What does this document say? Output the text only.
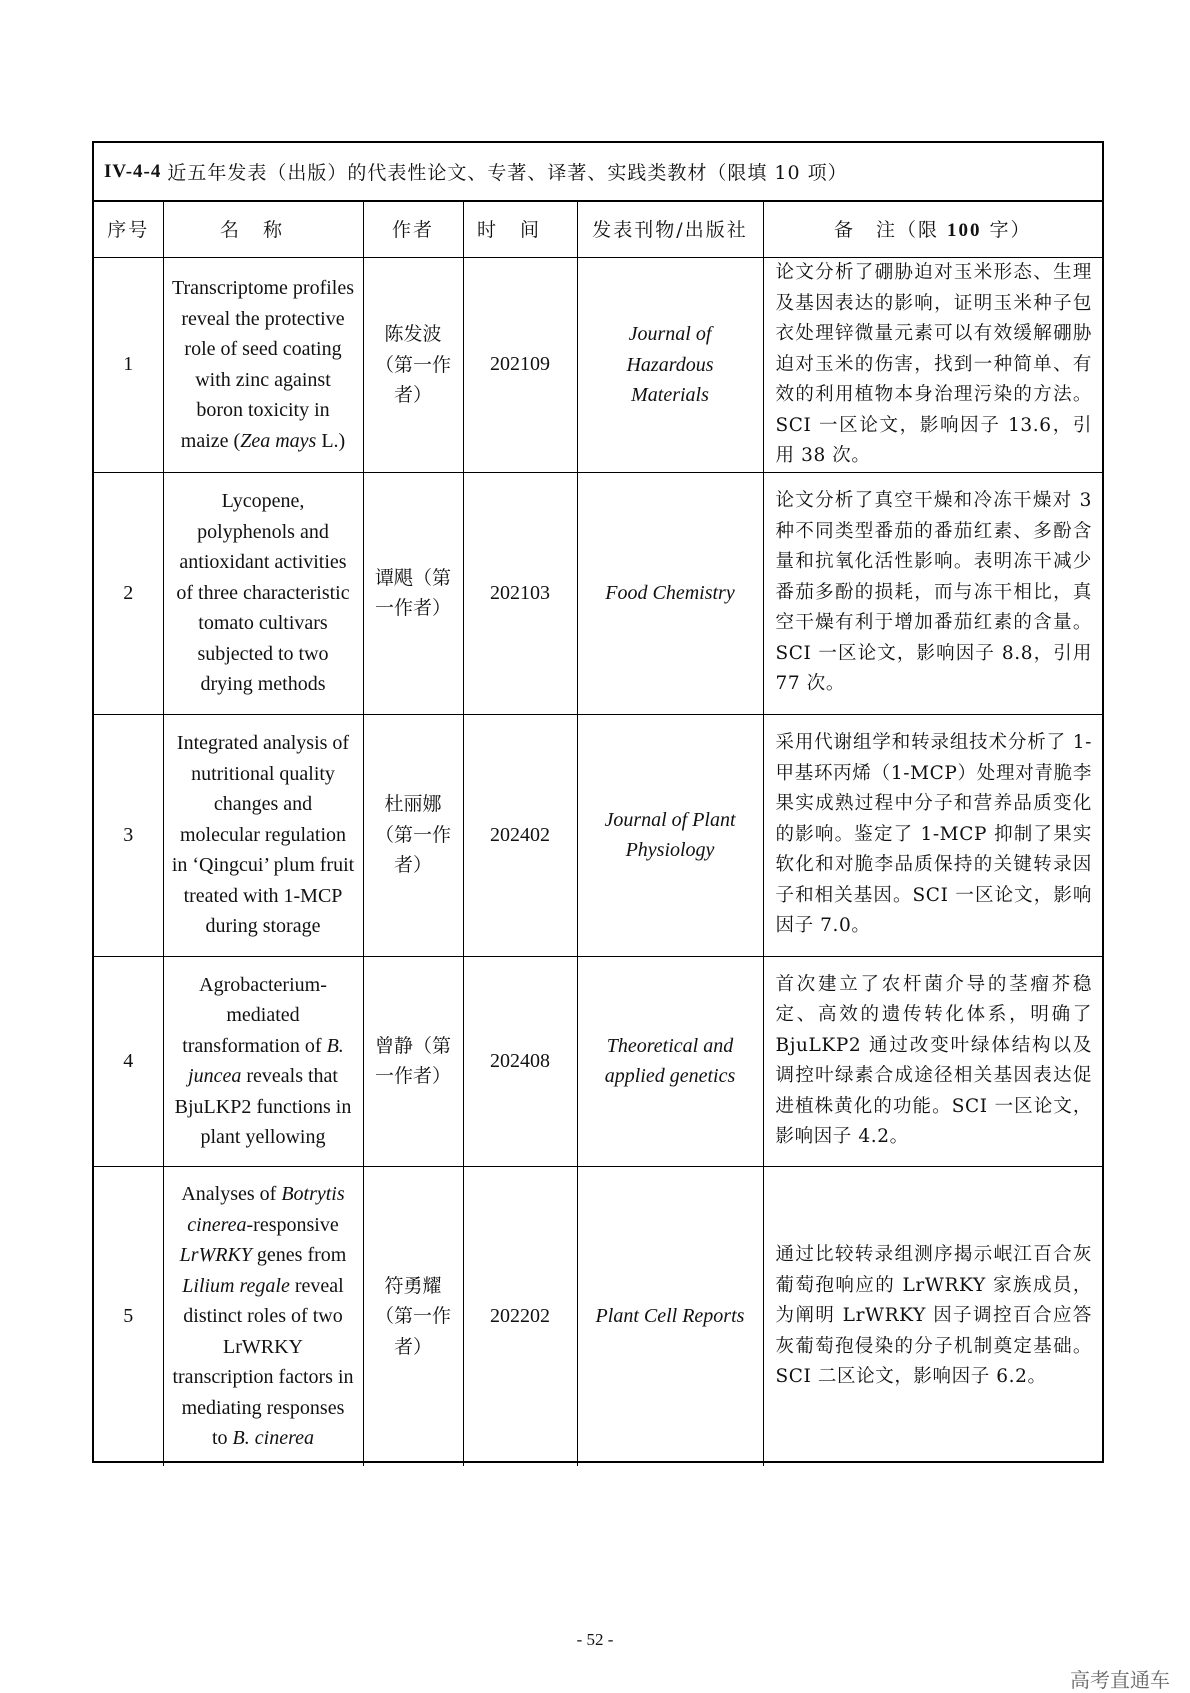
IV-4-4 近五年发表（出版）的代表性论文、专著、译著、实践类教材（限填 10 项）
序号	名称	作者	时间	发表刊物/出版社	备　注（限 100 字）
1	Transcriptome profiles reveal the protective role of seed coating with zinc against boron toxicity in maize (Zea mays L.)	陈发波（第一作者）	202109	Journal of Hazardous Materials	论文分析了硼胁迫对玉米形态、生理及基因表达的影响，证明玉米种子包衣处理锌微量元素可以有效缓解硼胁迫对玉米的伤害，找到一种简单、有效的利用植物本身治理污染的方法。SCI 一区论文，影响因子 13.6，引用 38 次。
2	Lycopene, polyphenols and antioxidant activities of three characteristic tomato cultivars subjected to two drying methods	谭飓（第一作者）	202103	Food Chemistry	论文分析了真空干燥和冷冻干燥对 3 种不同类型番茄的番茄红素、多酚含量和抗氧化活性影响。表明冻干减少番茄多酚的损耗，而与冻干相比，真空干燥有利于增加番茄红素的含量。SCI 一区论文，影响因子 8.8，引用 77 次。
3	Integrated analysis of nutritional quality changes and molecular regulation in ‘Qingcui’ plum fruit treated with 1-MCP during storage	杜丽娜（第一作者）	202402	Journal of Plant Physiology	采用代谢组学和转录组技术分析了 1-甲基环丙烯（1-MCP）处理对青脆李果实成熟过程中分子和营养品质变化的影响。鉴定了 1-MCP 抑制了果实软化和对脆李品质保持的关键转录因子和相关基因。SCI 一区论文，影响因子 7.0。
4	Agrobacterium-mediated transformation of B. juncea reveals that BjuLKP2 functions in plant yellowing	曾静（第一作者）	202408	Theoretical and applied genetics	首次建立了农杆菌介导的茎瘤芥稳定、高效的遗传转化体系，明确了 BjuLKP2 通过改变叶绿体结构以及调控叶绿素合成途径相关基因表达促进植株黄化的功能。SCI 一区论文，影响因子 4.2。
5	Analyses of Botrytis cinerea-responsive LrWRKY genes from Lilium regale reveal distinct roles of two LrWRKY transcription factors in mediating responses to B. cinerea	符勇耀（第一作者）	202202	Plant Cell Reports	通过比较转录组测序揭示岷江百合灰葡萄孢响应的 LrWRKY 家族成员，为阐明 LrWRKY 因子调控百合应答灰葡萄孢侵染的分子机制奠定基础。SCI 二区论文，影响因子 6.2。
- 52 -
高考直通车
